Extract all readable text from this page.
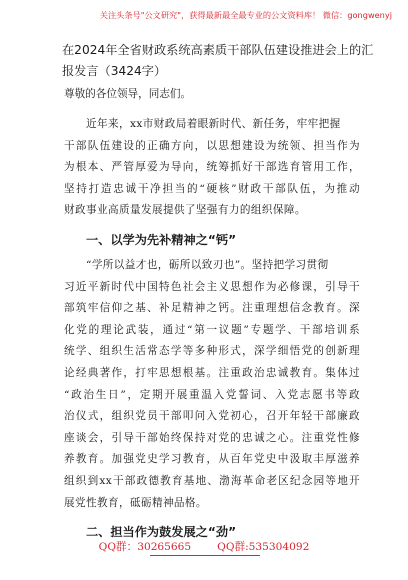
关注头条号"公文研究"，获得最新最全最专业的公文资料库！ 微信：gongwenyj
在2024年全省财政系统高素质干部队伍建设推进会上的汇
报发言（3424字）
尊敬的各位领导，同志们。
近年来，xx市财政局着眼新时代、新任务，牢牢把握
干部队伍建设的正确方向，以思想建设为统领、担当作为
为根本、严管厚爱为导向，统筹抓好干部选育管用工作，
坚持打造忠诚干净担当的“硬核”财政干部队伍，为推动
财政事业高质量发展提供了坚强有力的组织保障。
一、以学为先补精神之“钙”
“学所以益才也，砺所以致刃也”。坚持把学习贯彻
习近平新时代中国特色社会主义思想作为必修课，引导干
部筑牢信仰之基、补足精神之钙。注重理想信念教育。深
化党的理论武装，通过“第一议题”专题学、干部培训系
统学、组织生活常态学等多种形式，深学细悟党的创新理
论经典著作，打牢思想根基。注重政治忠诚教育。集体过
“政治生日”，定期开展重温入党誓词、入党志愿书等政
治仪式，组织党员干部叩问入党初心，召开年轻干部廉政
座谈会，引导干部始终保持对党的忠诚之心。注重党性修
养教育。加强党史学习教育，从百年党史中汲取丰厚滋养
组织到xx干部政德教育基地、渤海革命老区纪念园等地开
展党性教育，砥砺精神品格。
二、担当作为鼓发展之“劲”
QQ群：30265665 QQ群:535304092
